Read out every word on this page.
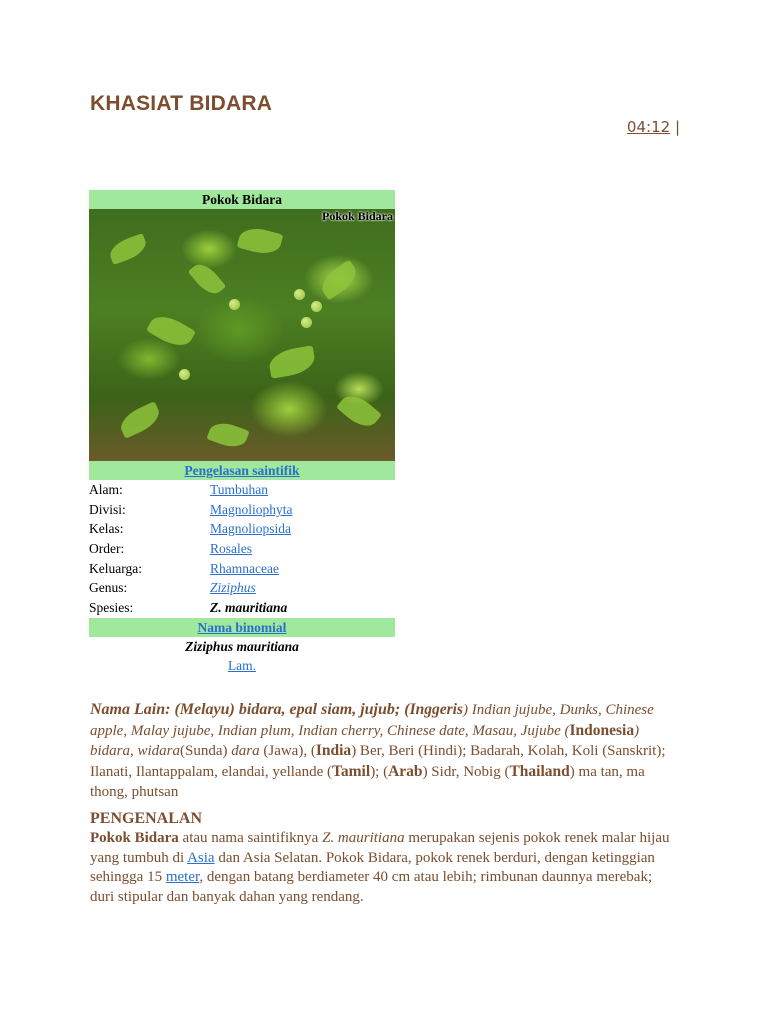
KHASIAT BIDARA
04:12 |
Pokok Bidara
Pokok Bidara
Pengelasan saintifik
Alam:	Tumbuhan
Divisi:	Magnoliophyta
Kelas:	Magnoliopsida
Order:	Rosales
Keluarga:	Rhamnaceae
Genus:	Ziziphus
Spesies:	Z. mauritiana
Nama binomial
Ziziphus mauritiana
Lam.
Nama Lain: (Melayu) bidara, epal siam, jujub; (Inggeris) Indian jujube, Dunks, Chinese apple, Malay jujube, Indian plum, Indian cherry, Chinese date, Masau, Jujube (Indonesia) bidara, widara(Sunda) dara (Jawa), (India) Ber, Beri (Hindi); Badarah, Kolah, Koli (Sanskrit); Ilanati, Ilantappalam, elandai, yellande (Tamil); (Arab) Sidr, Nobig (Thailand) ma tan, ma thong, phutsan
PENGENALAN
Pokok Bidara atau nama saintifiknya Z. mauritiana merupakan sejenis pokok renek malar hijau yang tumbuh di Asia dan Asia Selatan. Pokok Bidara, pokok renek berduri, dengan ketinggian sehingga 15 meter, dengan batang berdiameter 40 cm atau lebih; rimbunan daunnya merebak; duri stipular dan banyak dahan yang rendang.
